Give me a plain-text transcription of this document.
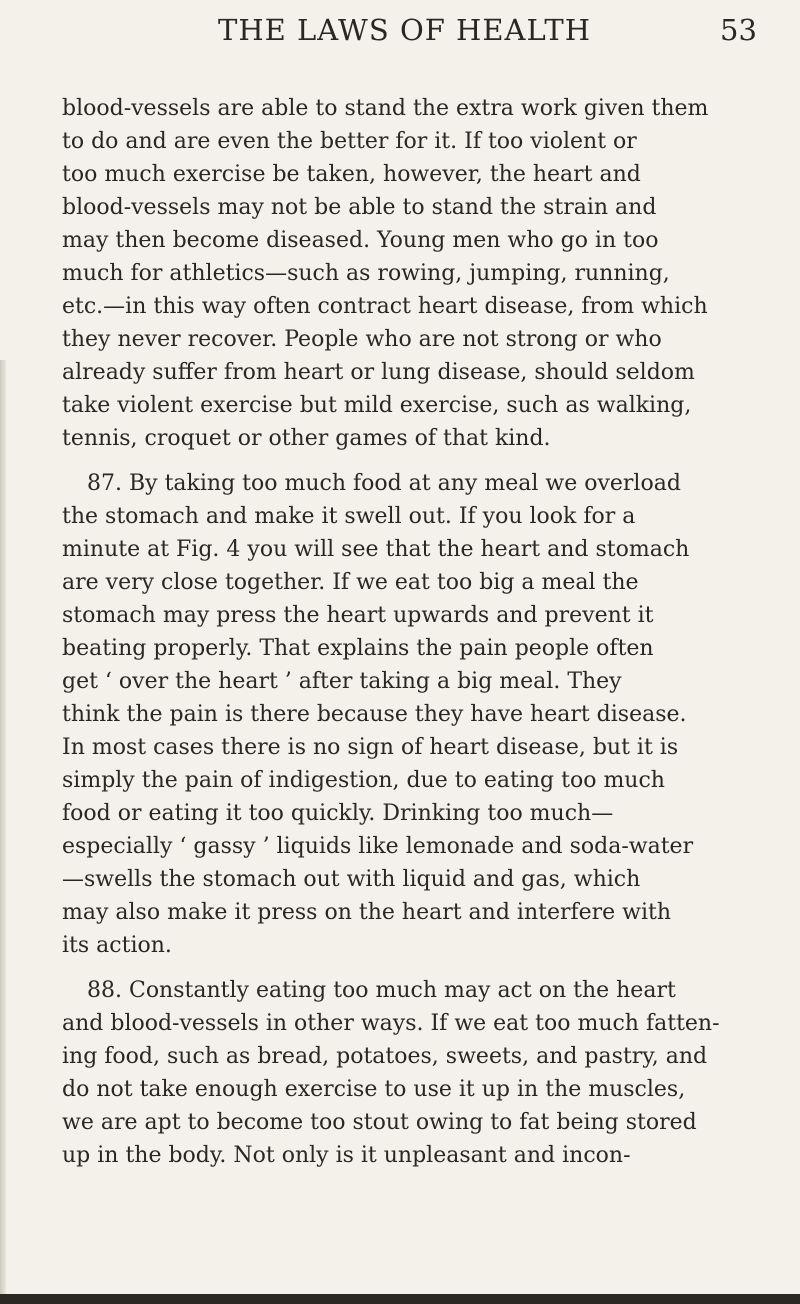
THE LAWS OF HEALTH	53
blood-vessels are able to stand the extra work given them
to do and are even the better for it. If too violent or
too much exercise be taken, however, the heart and
blood-vessels may not be able to stand the strain and
may then become diseased. Young men who go in too
much for athletics—such as rowing, jumping, running,
etc.—in this way often contract heart disease, from which
they never recover. People who are not strong or who
already suffer from heart or lung disease, should seldom
take violent exercise but mild exercise, such as walking,
tennis, croquet or other games of that kind.
87. By taking too much food at any meal we overload
the stomach and make it swell out. If you look for a
minute at Fig. 4 you will see that the heart and stomach
are very close together. If we eat too big a meal the
stomach may press the heart upwards and prevent it
beating properly. That explains the pain people often
get ‘ over the heart ’ after taking a big meal. They
think the pain is there because they have heart disease.
In most cases there is no sign of heart disease, but it is
simply the pain of indigestion, due to eating too much
food or eating it too quickly. Drinking too much—
especially ‘ gassy ’ liquids like lemonade and soda-water
—swells the stomach out with liquid and gas, which
may also make it press on the heart and interfere with
its action.
88. Constantly eating too much may act on the heart
and blood-vessels in other ways. If we eat too much fatten-
ing food, such as bread, potatoes, sweets, and pastry, and
do not take enough exercise to use it up in the muscles,
we are apt to become too stout owing to fat being stored
up in the body. Not only is it unpleasant and incon-
